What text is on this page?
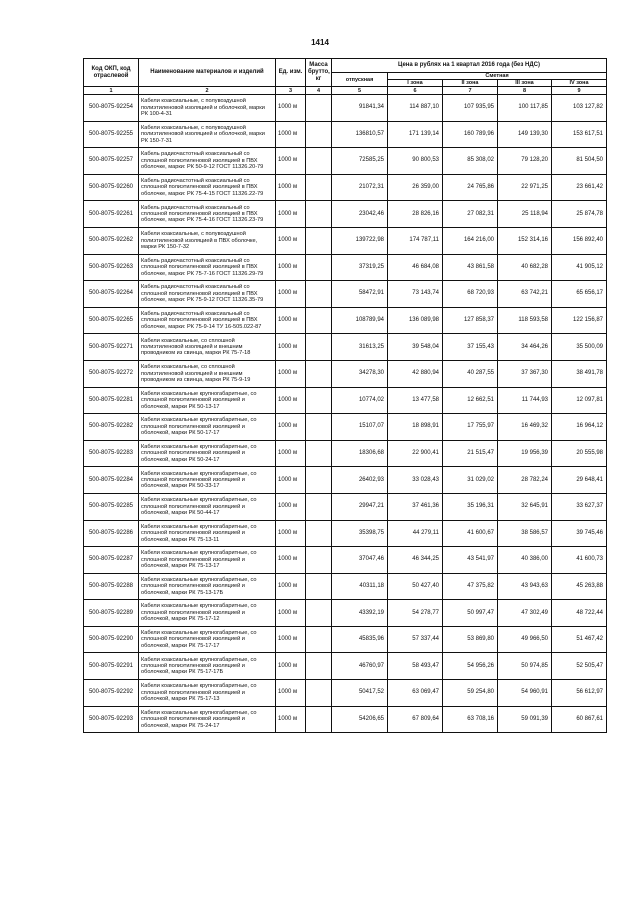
1414
Код ОКП, код отраслевой	Наименование материалов и изделий	Ед. изм.	Масса брутто, кг	Цена в рублях на 1 квартал 2016 года (без НДС)				
				отпускная	Сметная			
					I зона	II зона	III зона	IV зона
1	2	3	4	5	6	7	8	9
500-8075-92254	Кабели коаксиальные, с полувоздушной полиэтиленовой изоляцией и оболочкой, марки РК 100-4-31	1000 м		91841,34	114 887,10	107 935,95	100 117,85	103 127,82
500-8075-92255	Кабели коаксиальные, с полувоздушной полиэтиленовой изоляцией и оболочкой, марки РК 150-7-31	1000 м		136810,57	171 139,14	160 789,96	149 139,30	153 617,51
500-8075-92257	Кабель радиочастотный коаксиальный со сплошной полиэтиленовой изоляцией в ПВХ оболочке, марки: РК 50-9-12 ГОСТ 11326.20-79	1000 м		72585,25	90 800,53	85 308,02	79 128,20	81 504,50
500-8075-92260	Кабель радиочастотный коаксиальный со сплошной полиэтиленовой изоляцией в ПВХ оболочке, марки: РК 75-4-15 ГОСТ 11326.22-79	1000 м		21072,31	26 359,00	24 765,86	22 971,25	23 661,42
500-8075-92261	Кабель радиочастотный коаксиальный со сплошной полиэтиленовой изоляцией в ПВХ оболочке, марки: РК 75-4-16 ГОСТ 11326.23-79	1000 м		23042,46	28 826,16	27 082,31	25 118,94	25 874,78
500-8075-92262	Кабели коаксиальные, с полувоздушной полиэтиленовой изоляцией в ПВХ оболочке, марки РК 150-7-32	1000 м		139722,98	174 787,11	164 216,00	152 314,16	156 892,40
500-8075-92263	Кабель радиочастотный коаксиальный со сплошной полиэтиленовой изоляцией в ПВХ оболочке, марки: РК 75-7-16 ГОСТ 11326.29-79	1000 м		37319,25	46 684,08	43 861,58	40 682,28	41 905,12
500-8075-92264	Кабель радиочастотный коаксиальный со сплошной полиэтиленовой изоляцией в ПВХ оболочке, марки: РК 75-9-12 ГОСТ 11326.35-79	1000 м		58472,91	73 143,74	68 720,93	63 742,21	65 656,17
500-8075-92265	Кабель радиочастотный коаксиальный со сплошной полиэтиленовой изоляцией в ПВХ оболочке, марки: РК 75-9-14 ТУ 16-505.022-87	1000 м		108789,94	136 089,98	127 858,37	118 593,58	122 156,87
500-8075-92271	Кабели коаксиальные, со сплошной полиэтиленовой изоляцией и внешним проводником из свинца, марки РК 75-7-18	1000 м		31613,25	39 548,04	37 155,43	34 464,26	35 500,09
500-8075-92272	Кабели коаксиальные, со сплошной полиэтиленовой изоляцией и внешним проводником из свинца, марки РК 75-9-19	1000 м		34278,30	42 880,94	40 287,55	37 367,30	38 491,78
500-8075-92281	Кабели коаксиальные крупногабаритные, со сплошной полиэтиленовой изоляцией и оболочкой, марки РК 50-13-17	1000 м		10774,02	13 477,58	12 662,51	11 744,93	12 097,81
500-8075-92282	Кабели коаксиальные крупногабаритные, со сплошной полиэтиленовой изоляцией и оболочкой, марки РК 50-17-17	1000 м		15107,07	18 898,91	17 755,97	16 469,32	16 964,12
500-8075-92283	Кабели коаксиальные крупногабаритные, со сплошной полиэтиленовой изоляцией и оболочкой, марки РК 50-24-17	1000 м		18306,68	22 900,41	21 515,47	19 956,39	20 555,98
500-8075-92284	Кабели коаксиальные крупногабаритные, со сплошной полиэтиленовой изоляцией и оболочкой, марки РК 50-33-17	1000 м		26402,93	33 028,43	31 029,02	28 782,24	29 648,41
500-8075-92285	Кабели коаксиальные крупногабаритные, со сплошной полиэтиленовой изоляцией и оболочкой, марки РК 50-44-17	1000 м		29947,21	37 461,36	35 196,31	32 645,91	33 627,37
500-8075-92286	Кабели коаксиальные крупногабаритные, со сплошной полиэтиленовой изоляцией и оболочкой, марки РК 75-13-11	1000 м		35398,75	44 279,11	41 600,67	38 586,57	39 745,46
500-8075-92287	Кабели коаксиальные крупногабаритные, со сплошной полиэтиленовой изоляцией и оболочкой, марки РК 75-13-17	1000 м		37047,46	46 344,25	43 541,97	40 386,00	41 600,73
500-8075-92288	Кабели коаксиальные крупногабаритные, со сплошной полиэтиленовой изоляцией и оболочкой, марки РК 75-13-17Б	1000 м		40311,18	50 427,40	47 375,82	43 943,63	45 263,88
500-8075-92289	Кабели коаксиальные крупногабаритные, со сплошной полиэтиленовой изоляцией и оболочкой, марки РК 75-17-12	1000 м		43392,19	54 278,77	50 997,47	47 302,49	48 722,44
500-8075-92290	Кабели коаксиальные крупногабаритные, со сплошной полиэтиленовой изоляцией и оболочкой, марки РК 75-17-17	1000 м		45835,96	57 337,44	53 869,80	49 966,50	51 467,42
500-8075-92291	Кабели коаксиальные крупногабаритные, со сплошной полиэтиленовой изоляцией и оболочкой, марки РК 75-17-17Б	1000 м		46760,97	58 493,47	54 956,26	50 974,85	52 505,47
500-8075-92292	Кабели коаксиальные крупногабаритные, со сплошной полиэтиленовой изоляцией и оболочкой, марки РК 75-17-13	1000 м		50417,52	63 069,47	59 254,80	54 960,91	56 612,97
500-8075-92293	Кабели коаксиальные крупногабаритные, со сплошной полиэтиленовой изоляцией и оболочкой, марки РК 75-24-17	1000 м		54206,65	67 809,64	63 708,16	59 091,39	60 867,61
